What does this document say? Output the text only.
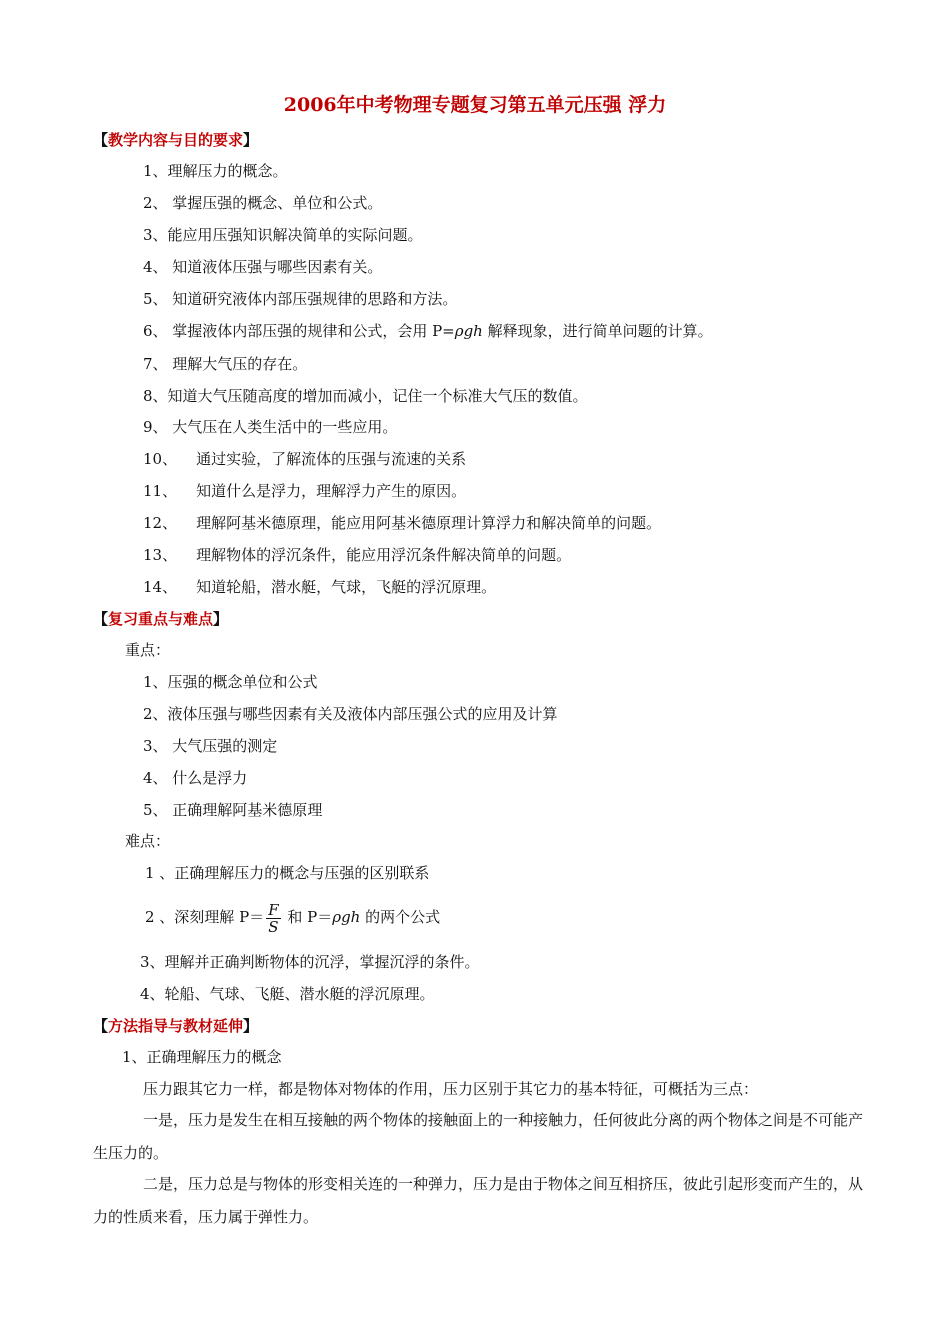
2006年中考物理专题复习第五单元压强 浮力
【教学内容与目的要求】
1、理解压力的概念。
2、 掌握压强的概念、单位和公式。
3、能应用压强知识解决简单的实际问题。
4、 知道液体压强与哪些因素有关。
5、 知道研究液体内部压强规律的思路和方法。
6、 掌握液体内部压强的规律和公式，会用 P=ρgh 解释现象，进行简单问题的计算。
7、 理解大气压的存在。
8、知道大气压随高度的增加而减小，记住一个标准大气压的数值。
9、 大气压在人类生活中的一些应用。
10、    通过实验，了解流体的压强与流速的关系
11、    知道什么是浮力，理解浮力产生的原因。
12、    理解阿基米德原理，能应用阿基米德原理计算浮力和解决简单的问题。
13、    理解物体的浮沉条件，能应用浮沉条件解决简单的问题。
14、    知道轮船，潜水艇，气球，飞艇的浮沉原理。
【复习重点与难点】
重点：
1、压强的概念单位和公式
2、液体压强与哪些因素有关及液体内部压强公式的应用及计算
3、 大气压强的测定
4、 什么是浮力
5、 正确理解阿基米德原理
难点：
1 、正确理解压力的概念与压强的区别联系
2 、深刻理解 $P= \frac{F}{S}$ 和 P＝ρgh 的两个公式
3、理解并正确判断物体的沉浮，掌握沉浮的条件。
4、轮船、气球、飞艇、潜水艇的浮沉原理。
【方法指导与教材延伸】
1、正确理解压力的概念
压力跟其它力一样，都是物体对物体的作用，压力区别于其它力的基本特征，可概括为三点：
一是，压力是发生在相互接触的两个物体的接触面上的一种接触力，任何彼此分离的两个物体之间是不可能产生压力的。
二是，压力总是与物体的形变相关连的一种弹力，压力是由于物体之间互相挤压，彼此引起形变而产生的，从力的性质来看，压力属于弹性力。
